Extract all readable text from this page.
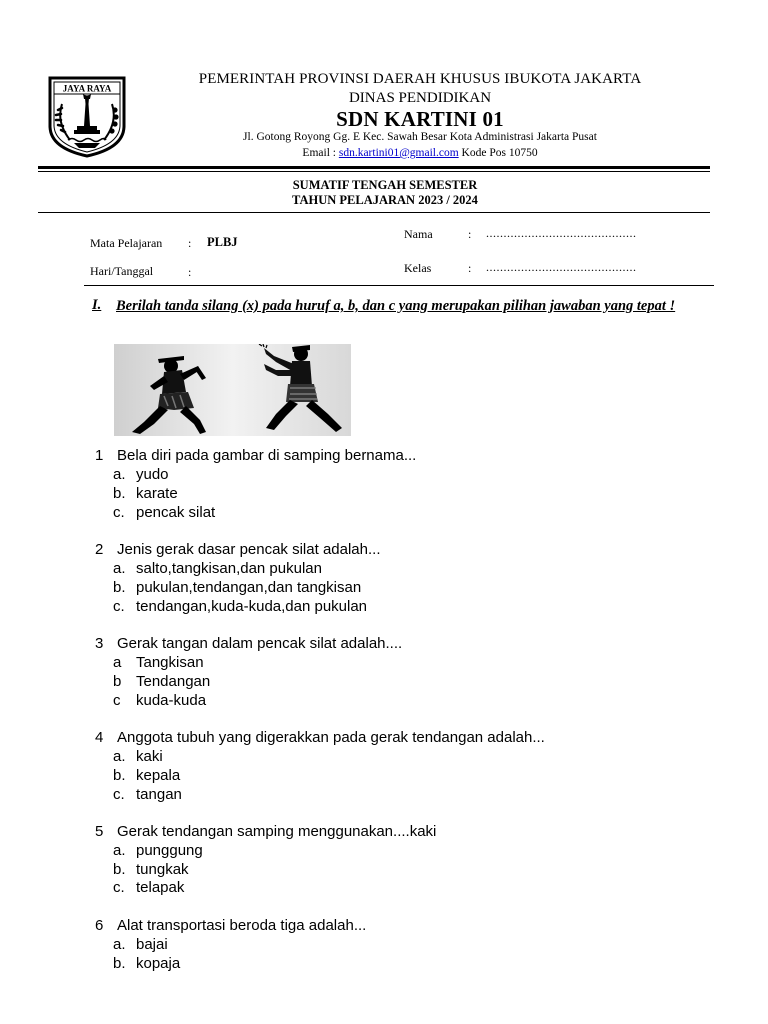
JAYA RAYA
PEMERINTAH PROVINSI DAERAH KHUSUS IBUKOTA JAKARTA
DINAS PENDIDIKAN
SDN KARTINI 01
Jl. Gotong Royong Gg. E Kec. Sawah Besar Kota Administrasi Jakarta Pusat
Email : sdn.kartini01@gmail.com Kode Pos 10750
SUMATIF TENGAH SEMESTER
TAHUN PELAJARAN 2023 / 2024
Mata Pelajaran : PLBJ
Hari/Tanggal	:
Nama	: ...........................................
Kelas	: ...........................................
I. Berilah tanda silang (x) pada huruf a, b, dan c yang merupakan pilihan jawaban yang tepat !
1 Bela diri pada gambar di samping bernama...
a. yudo
b. karate
c. pencak silat
2 Jenis gerak dasar pencak silat adalah...
a. salto,tangkisan,dan pukulan
b. pukulan,tendangan,dan tangkisan
c. tendangan,kuda-kuda,dan pukulan
3 Gerak tangan dalam pencak silat adalah....
a Tangkisan
b Tendangan
c kuda-kuda
4 Anggota tubuh yang digerakkan pada gerak tendangan adalah...
a. kaki
b. kepala
c. tangan
5 Gerak tendangan samping menggunakan....kaki
a. punggung
b. tungkak
c. telapak
6 Alat transportasi beroda tiga adalah...
a. bajai
b. kopaja
